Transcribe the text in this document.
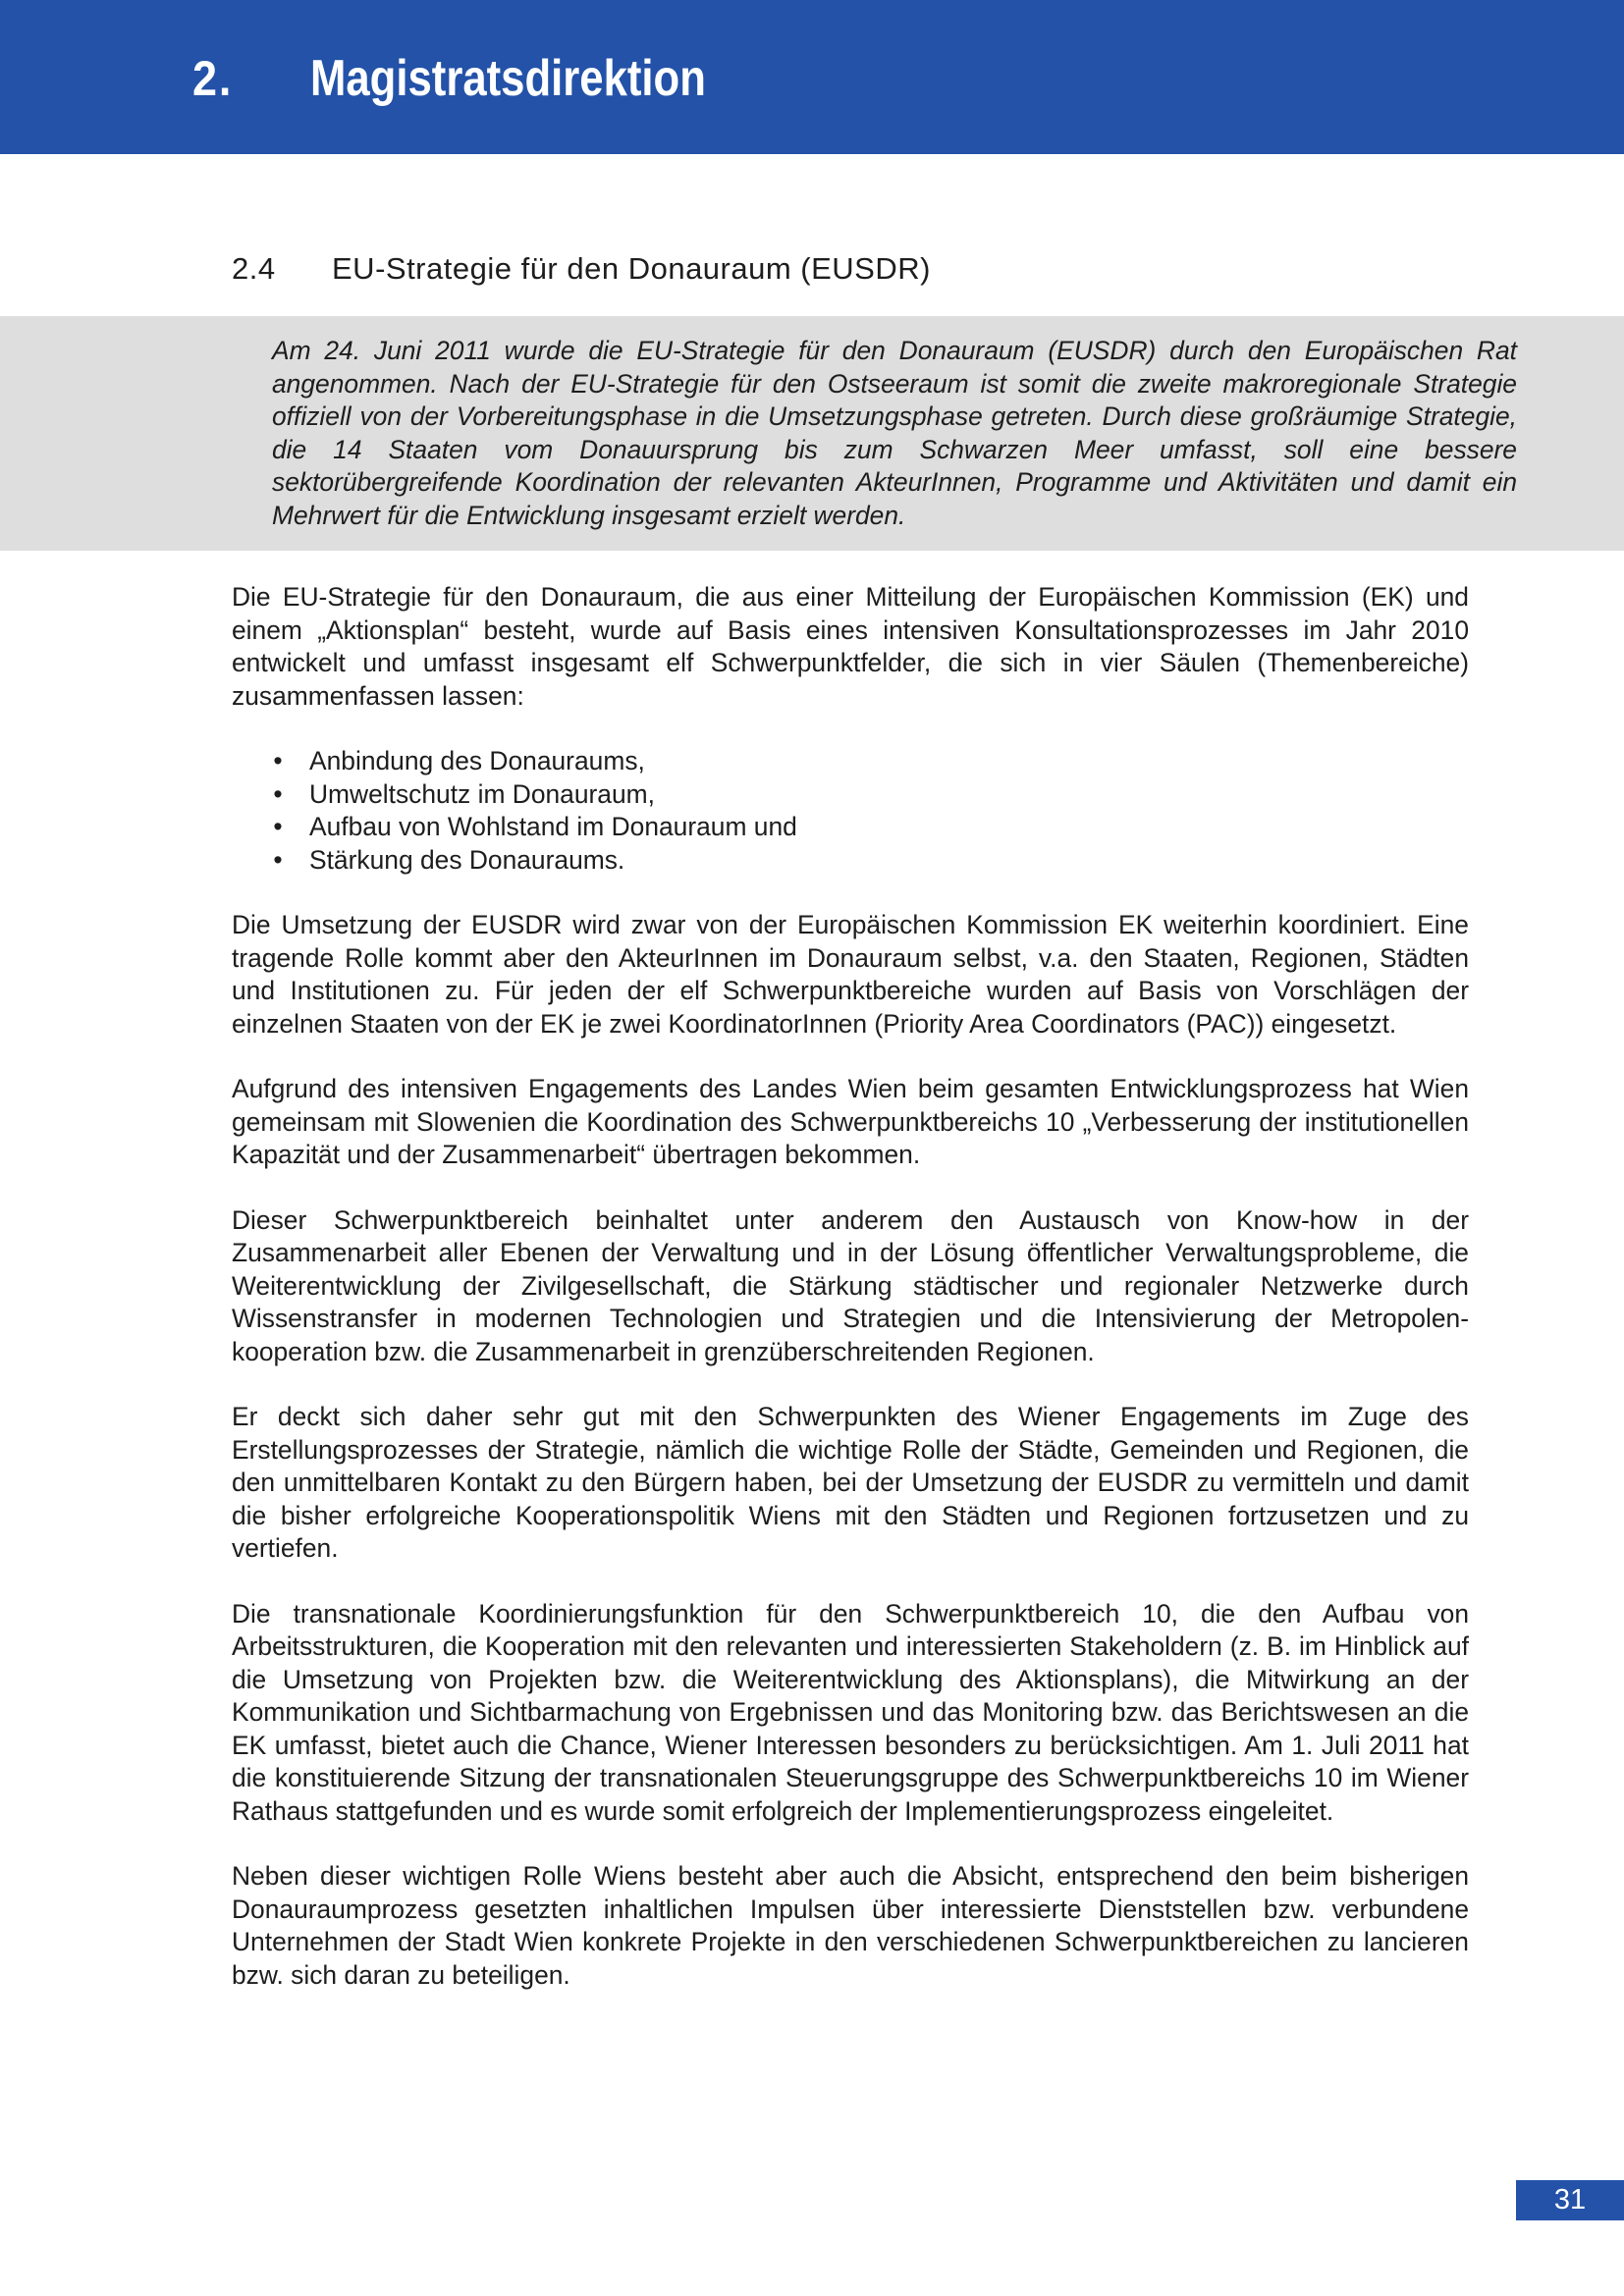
2. Magistratsdirektion
2.4 EU-Strategie für den Donauraum (EUSDR)

Am 24. Juni 2011 wurde die EU-Strategie für den Donauraum (EUSDR) durch den Europäischen Rat angenommen. Nach der EU-Strategie für den Ostseeraum ist somit die zweite makroregionale Strategie offiziell von der Vorbereitungsphase in die Umsetzungsphase getreten. Durch diese großräumige Strategie, die 14 Staaten vom Donauursprung bis zum Schwarzen Meer umfasst, soll eine bessere sektorübergreifende Koordination der relevanten AkteurInnen, Programme und Aktivitäten und damit ein Mehrwert für die Entwicklung insgesamt erzielt werden.

Die EU-Strategie für den Donauraum, die aus einer Mitteilung der Europäischen Kommission (EK) und einem „Aktionsplan“ besteht, wurde auf Basis eines intensiven Konsultationsprozesses im Jahr 2010 entwickelt und umfasst insgesamt elf Schwerpunktfelder, die sich in vier Säulen (Themenbereiche) zusammenfassen lassen:

• Anbindung des Donauraums,
• Umweltschutz im Donauraum,
• Aufbau von Wohlstand im Donauraum und
• Stärkung des Donauraums.

Die Umsetzung der EUSDR wird zwar von der Europäischen Kommission EK weiterhin koordiniert. Eine tragende Rolle kommt aber den AkteurInnen im Donauraum selbst, v.a. den Staaten, Regionen, Städten und Institutionen zu. Für jeden der elf Schwerpunktbereiche wurden auf Basis von Vorschlägen der einzelnen Staaten von der EK je zwei KoordinatorInnen (Priority Area Coordinators (PAC)) eingesetzt.

Aufgrund des intensiven Engagements des Landes Wien beim gesamten Entwicklungsprozess hat Wien gemeinsam mit Slowenien die Koordination des Schwerpunktbereichs 10 „Verbesserung der institutionellen Kapazität und der Zusammenarbeit“ übertragen bekommen.

Dieser Schwerpunktbereich beinhaltet unter anderem den Austausch von Know-how in der Zusammenarbeit aller Ebenen der Verwaltung und in der Lösung öffentlicher Verwaltungsprobleme, die Weiterentwicklung der Zivilgesellschaft, die Stärkung städtischer und regionaler Netzwerke durch Wissenstransfer in modernen Technologien und Strategien und die Intensivierung der Metropolenkooperation bzw. die Zusammenarbeit in grenzüberschreitenden Regionen.

Er deckt sich daher sehr gut mit den Schwerpunkten des Wiener Engagements im Zuge des Erstellungsprozesses der Strategie, nämlich die wichtige Rolle der Städte, Gemeinden und Regionen, die den unmittelbaren Kontakt zu den Bürgern haben, bei der Umsetzung der EUSDR zu vermitteln und damit die bisher erfolgreiche Kooperationspolitik Wiens mit den Städten und Regionen fortzusetzen und zu vertiefen.

Die transnationale Koordinierungsfunktion für den Schwerpunktbereich 10, die den Aufbau von Arbeitsstrukturen, die Kooperation mit den relevanten und interessierten Stakeholdern (z. B. im Hinblick auf die Umsetzung von Projekten bzw. die Weiterentwicklung des Aktionsplans), die Mitwirkung an der Kommunikation und Sichtbarmachung von Ergebnissen und das Monitoring bzw. das Berichtswesen an die EK umfasst, bietet auch die Chance, Wiener Interessen besonders zu berücksichtigen. Am 1. Juli 2011 hat die konstituierende Sitzung der transnationalen Steuerungsgruppe des Schwerpunktbereichs 10 im Wiener Rathaus stattgefunden und es wurde somit erfolgreich der Implementierungsprozess eingeleitet.

Neben dieser wichtigen Rolle Wiens besteht aber auch die Absicht, entsprechend den beim bisherigen Donauraumprozess gesetzten inhaltlichen Impulsen über interessierte Dienststellen bzw. verbundene Unternehmen der Stadt Wien konkrete Projekte in den verschiedenen Schwerpunktbereichen zu lancieren bzw. sich daran zu beteiligen.

31
